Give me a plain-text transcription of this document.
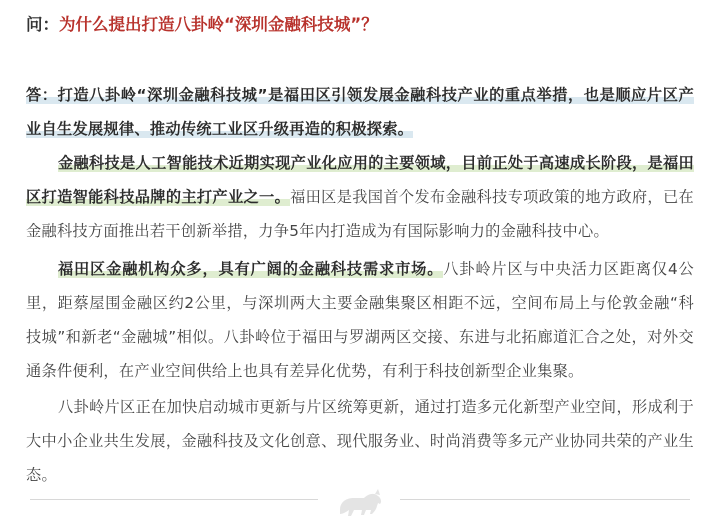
问：为什么提出打造八卦岭“深圳金融科技城”？
答：打造八卦岭“深圳金融科技城”是福田区引领发展金融科技产业的重点举措，也是顺应片区产业自生发展规律、推动传统工业区升级再造的积极探索。
金融科技是人工智能技术近期实现产业化应用的主要领域，目前正处于高速成长阶段，是福田区打造智能科技品牌的主打产业之一。福田区是我国首个发布金融科技专项政策的地方政府，已在金融科技方面推出若干创新举措，力争5年内打造成为有国际影响力的金融科技中心。
福田区金融机构众多，具有广阔的金融科技需求市场。八卦岭片区与中央活力区距离仅4公里，距蔡屋围金融区约2公里，与深圳两大主要金融集聚区相距不远，空间布局上与伦敦金融“科技城”和新老“金融城”相似。八卦岭位于福田与罗湖两区交接、东进与北拓廊道汇合之处，对外交通条件便利，在产业空间供给上也具有差异化优势，有利于科技创新型企业集聚。
八卦岭片区正在加快启动城市更新与片区统筹更新，通过打造多元化新型产业空间，形成利于大中小企业共生发展，金融科技及文化创意、现代服务业、时尚消费等多元产业协同共荣的产业生态。
